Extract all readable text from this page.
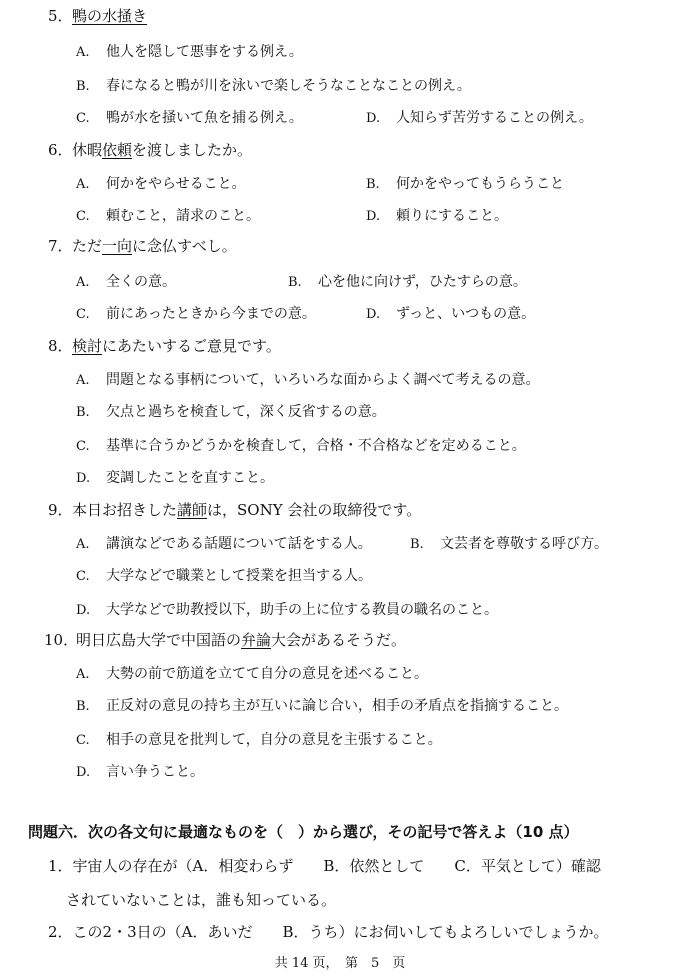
5．鴨の水掻き
A. 他人を隠して悪事をする例え。
B. 春になると鴨が川を泳いで楽しそうなことなことの例え。
C. 鴨が水を掻いて魚を捕る例え。	D. 人知らず苦労することの例え。
6．休暇依頼を渡しましたか。
A. 何かをやらせること。	B. 何かをやってもうらうこと
C. 頼むこと，請求のこと。	D. 頼りにすること。
7．ただ一向に念仏すべし。
A. 全くの意。	B. 心を他に向けず，ひたすらの意。
C. 前にあったときから今までの意。	D. ずっと、いつもの意。
8．検討にあたいするご意見です。
A. 問題となる事柄について，いろいろな面からよく調べて考えるの意。
B. 欠点と過ちを検査して，深く反省するの意。
C. 基準に合うかどうかを検査して，合格・不合格などを定めること。
D. 変調したことを直すこと。
9．本日お招きした講師は，SONY 会社の取締役です。
A. 講演などである話題について話をする人。	B. 文芸者を尊敬する呼び方。
C. 大学などで職業として授業を担当する人。
D. 大学などで助教授以下，助手の上に位する教員の職名のこと。
10．明日広島大学で中国語の弁論大会があるそうだ。
A. 大勢の前で筋道を立てて自分の意見を述べること。
B. 正反対の意見の持ち主が互いに論じ合い，相手の矛盾点を指摘すること。
C. 相手の意見を批判して，自分の意見を主張すること。
D. 言い争うこと。
問題六．次の各文句に最適なものを（　）から選び，その記号で答えよ（10 点）
1．宇宙人の存在が（A．相変わらず　　B．依然として　　C．平気として）確認
されていないことは，誰も知っている。
2．この2・3日の（A．あいだ　　B．うち）にお伺いしてもよろしいでしょうか。
共 14 页，　第　5　页
